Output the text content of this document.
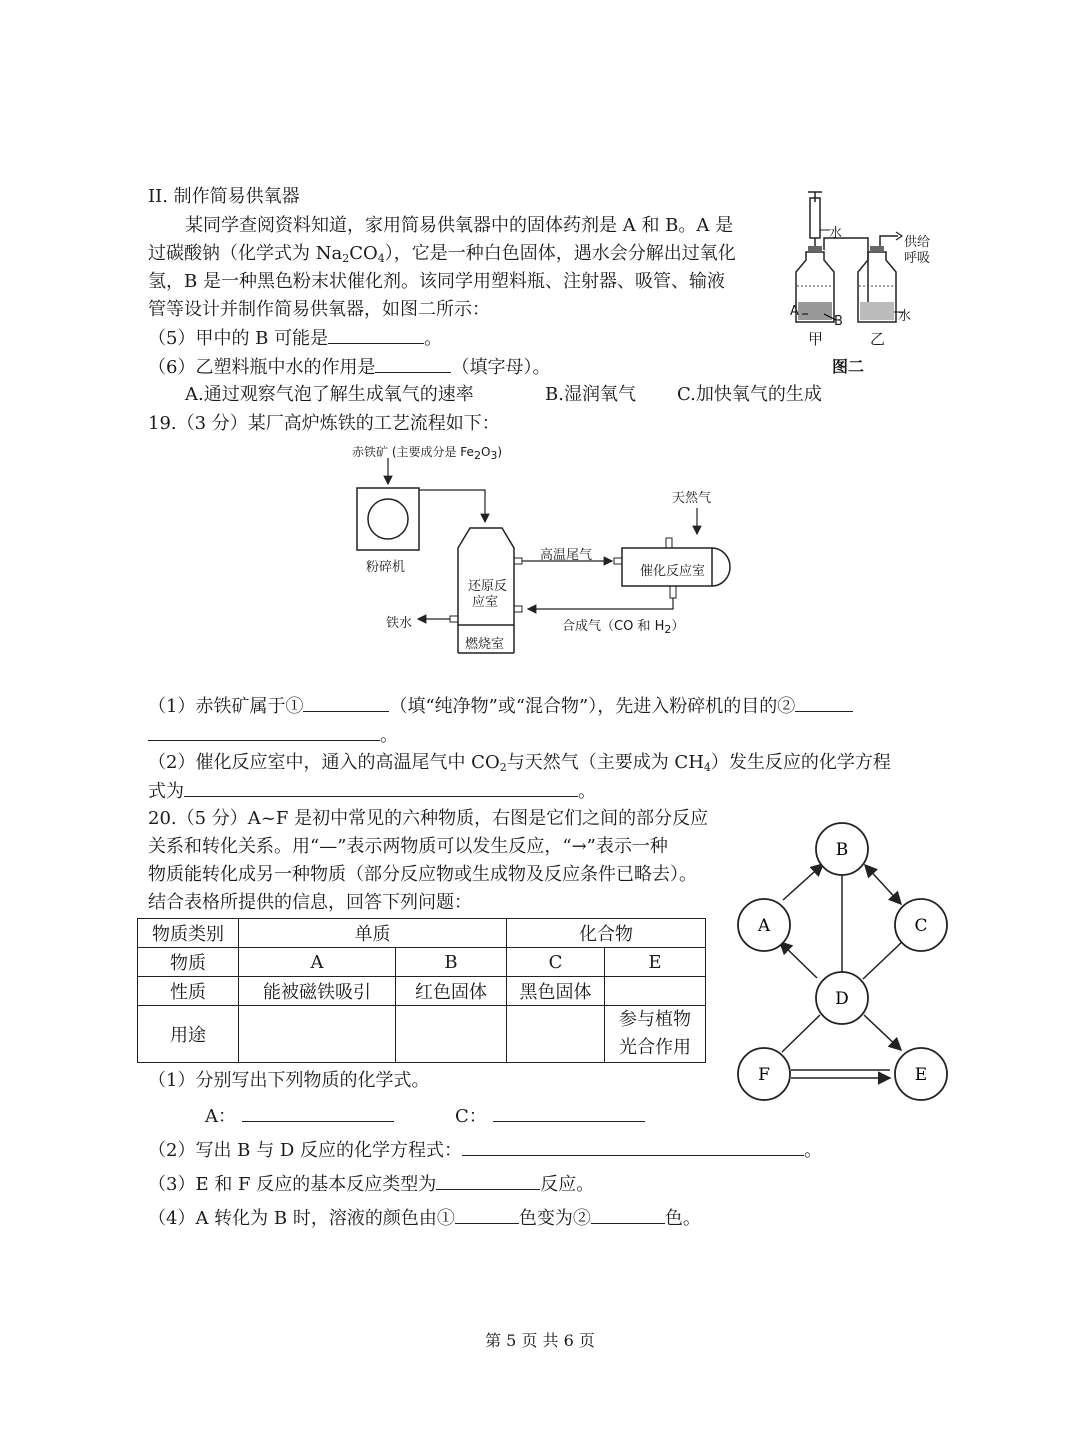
II. 制作简易供氧器
某同学查阅资料知道，家用简易供氧器中的固体药剂是 A 和 B。A 是
过碳酸钠（化学式为 $Na_2CO_4$），它是一种白色固体，遇水会分解出过氧化
氢，B 是一种黑色粉末状催化剂。该同学用塑料瓶、注射器、吸管、输液
管等设计并制作简易供氧器，如图二所示：
（5）甲中的 B 可能是	。
（6）乙塑料瓶中水的作用是	（填字母）。
A.通过观察气泡了解生成氧气的速率	B.湿润氧气 C.加快氧气的生成
水
供给
呼吸
A
B	水
甲	乙
图二
19.（3 分）某厂高炉炼铁的工艺流程如下：
赤铁矿 (主要成分是 $Fe_2O_3$)
粉碎机
天然气
高温尾气
催化反应室
还原反
应室
铁水	合成气（CO 和 $H_2$）
燃烧室
（1）赤铁矿属于①	（填“纯净物”或“混合物”），先进入粉碎机的目的②
。
（2）催化反应室中，通入的高温尾气中 $CO_2$与天然气（主要成为 $CH_4$）发生反应的化学方程
式为	。
20.（5 分）A~F 是初中常见的六种物质，右图是它们之间的部分反应
关系和转化关系。用“—”表示两物质可以发生反应，“→”表示一种
物质能转化成另一种物质（部分反应物或生成物及反应条件已略去）。
结合表格所提供的信息，回答下列问题：
物质类别	单质		化合物	
物质	A	B	C	E
性质	能被磁铁吸引	红色固体	黑色固体	
用途				参与植物
光合作用
A
B
C
D
E
F
（1）分别写出下列物质的化学式。
A：	C：
（2）写出 B 与 D 反应的化学方程式：	。
（3）E 和 F 反应的基本反应类型为	反应。
（4）A 转化为 B 时，溶液的颜色由①	色变为②	色。
第 5 页 共 6 页
